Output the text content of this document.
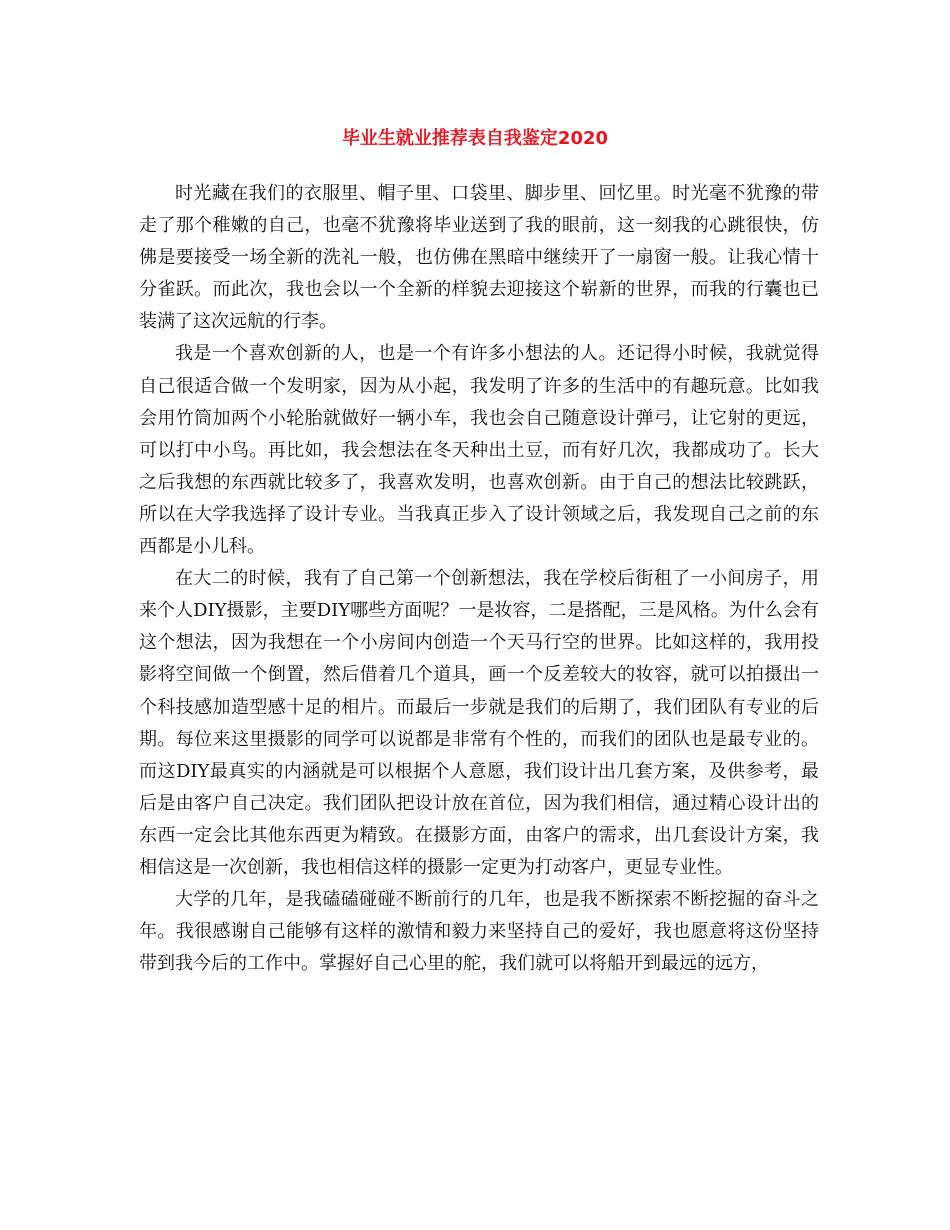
毕业生就业推荐表自我鉴定2020

时光藏在我们的衣服里、帽子里、口袋里、脚步里、回忆里。时光毫不犹豫的带走了那个稚嫩的自己，也毫不犹豫将毕业送到了我的眼前，这一刻我的心跳很快，仿佛是要接受一场全新的洗礼一般，也仿佛在黑暗中继续开了一扇窗一般。让我心情十分雀跃。而此次，我也会以一个全新的样貌去迎接这个崭新的世界，而我的行囊也已装满了这次远航的行李。

我是一个喜欢创新的人，也是一个有许多小想法的人。还记得小时候，我就觉得自己很适合做一个发明家，因为从小起，我发明了许多的生活中的有趣玩意。比如我会用竹筒加两个小轮胎就做好一辆小车，我也会自己随意设计弹弓，让它射的更远，可以打中小鸟。再比如，我会想法在冬天种出土豆，而有好几次，我都成功了。长大之后我想的东西就比较多了，我喜欢发明，也喜欢创新。由于自己的想法比较跳跃，所以在大学我选择了设计专业。当我真正步入了设计领域之后，我发现自己之前的东西都是小儿科。

在大二的时候，我有了自己第一个创新想法，我在学校后街租了一小间房子，用来个人DIY摄影，主要DIY哪些方面呢？一是妆容，二是搭配，三是风格。为什么会有这个想法，因为我想在一个小房间内创造一个天马行空的世界。比如这样的，我用投影将空间做一个倒置，然后借着几个道具，画一个反差较大的妆容，就可以拍摄出一个科技感加造型感十足的相片。而最后一步就是我们的后期了，我们团队有专业的后期。每位来这里摄影的同学可以说都是非常有个性的，而我们的团队也是最专业的。而这DIY最真实的内涵就是可以根据个人意愿，我们设计出几套方案，及供参考，最后是由客户自己决定。我们团队把设计放在首位，因为我们相信，通过精心设计出的东西一定会比其他东西更为精致。在摄影方面，由客户的需求，出几套设计方案，我相信这是一次创新，我也相信这样的摄影一定更为打动客户，更显专业性。

大学的几年，是我磕磕碰碰不断前行的几年，也是我不断探索不断挖掘的奋斗之年。我很感谢自己能够有这样的激情和毅力来坚持自己的爱好，我也愿意将这份坚持带到我今后的工作中。掌握好自己心里的舵，我们就可以将船开到最远的远方，
